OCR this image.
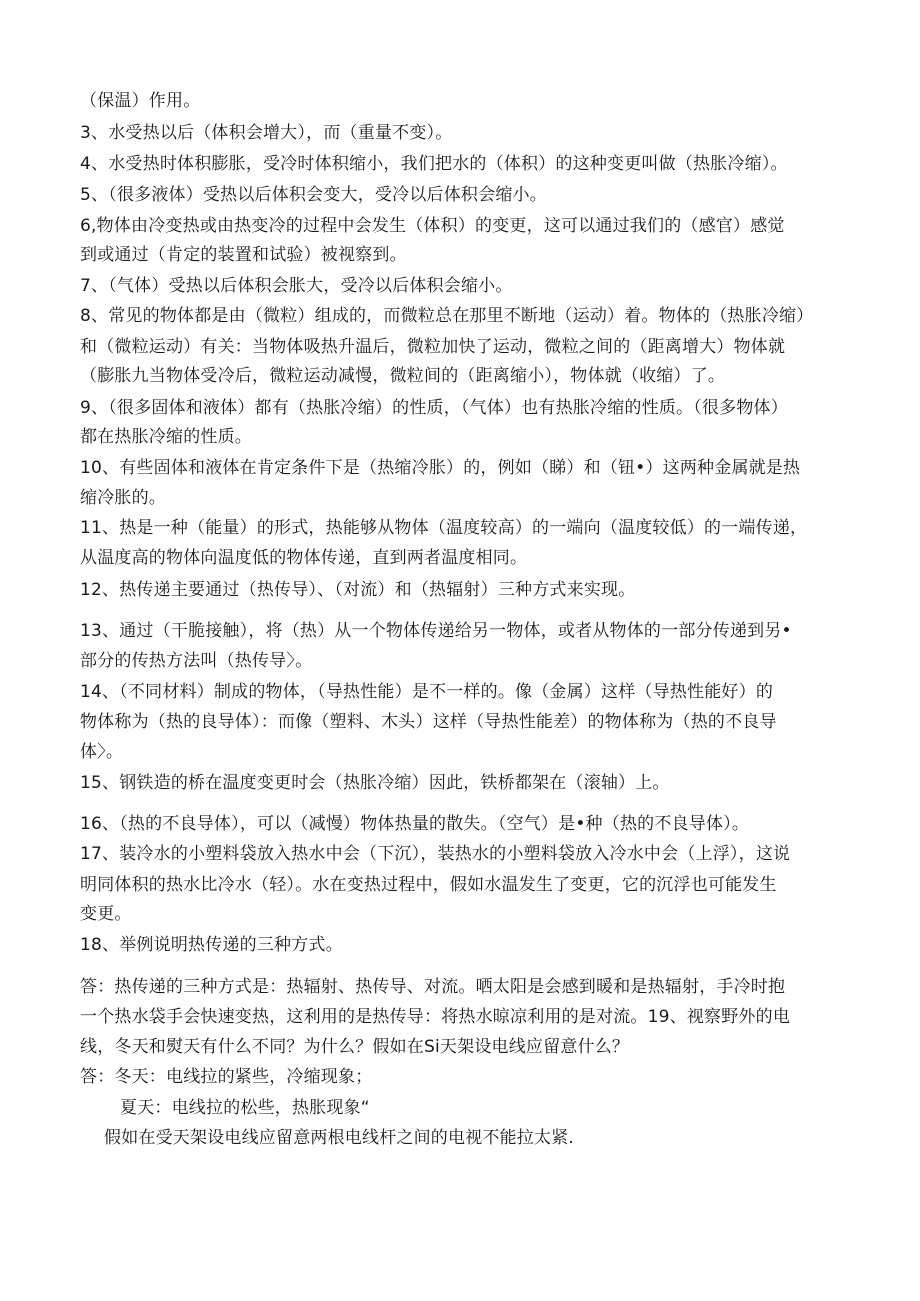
（保温）作用。

3、水受热以后（体积会增大），而（重量不变）。

4、水受热时体积膨胀，受冷时体积缩小，我们把水的（体积）的这种变更叫做（热胀冷缩）。

5、（很多液体）受热以后体积会变大，受冷以后体积会缩小。

6,物体由冷变热或由热变冷的过程中会发生（体积）的变更，这可以通过我们的（感官）感觉

到或通过（肯定的装置和试验）被视察到。

7、（气体）受热以后体积会胀大，受冷以后体积会缩小。

8、常见的物体都是由（微粒）组成的，而微粒总在那里不断地（运动）着。物体的（热胀冷缩）

和（微粒运动）有关：当物体吸热升温后，微粒加快了运动，微粒之间的（距离增大）物体就

（膨胀九当物体受冷后，微粒运动减慢，微粒间的（距离缩小），物体就（收缩）了。

9、（很多固体和液体）都有（热胀冷缩）的性质，（气体）也有热胀冷缩的性质。（很多物体）

都在热胀冷缩的性质。

10、有些固体和液体在肯定条件下是（热缩冷胀）的，例如（睇）和（钮•）这两种金属就是热

缩冷胀的。

11、热是一种（能量）的形式，热能够从物体（温度较高）的一端向（温度较低）的一端传递，

从温度高的物体向温度低的物体传递，直到两者温度相同。

12、热传递主要通过（热传导）、（对流）和（热辐射）三种方式来实现。

13、通过（干脆接触），将（热）从一个物体传递给另一物体，或者从物体的一部分传递到另•

部分的传热方法叫（热传导〉。

14、（不同材料）制成的物体，（导热性能）是不一样的。像（金属）这样（导热性能好）的

物体称为（热的良导体）：而像（塑料、木头）这样（导热性能差）的物体称为（热的不良导

体〉。

15、钢铁造的桥在温度变更时会（热胀冷缩）因此，铁桥都架在（滚轴）上。

16、（热的不良导体），可以（减慢）物体热量的散失。（空气）是•种（热的不良导体）。

17、装冷水的小塑料袋放入热水中会（下沉），装热水的小塑料袋放入冷水中会（上浮），这说

明同体积的热水比冷水（轻）。水在变热过程中，假如水温发生了变更，它的沉浮也可能发生

变更。

18、举例说明热传递的三种方式。

答：热传递的三种方式是：热辐射、热传导、对流。哂太阳是会感到暖和是热辐射，手冷时抱

一个热水袋手会快速变热，这利用的是热传导：将热水晾凉利用的是对流。19、视察野外的电

线，冬天和熨天有什么不同？为什么？假如在Si天架设电线应留意什么？

答：冬天：电线拉的紧些，冷缩现象；

夏天：电线拉的松些，热胀现象“

假如在受天架设电线应留意两根电线杆之间的电视不能拉太紧.
